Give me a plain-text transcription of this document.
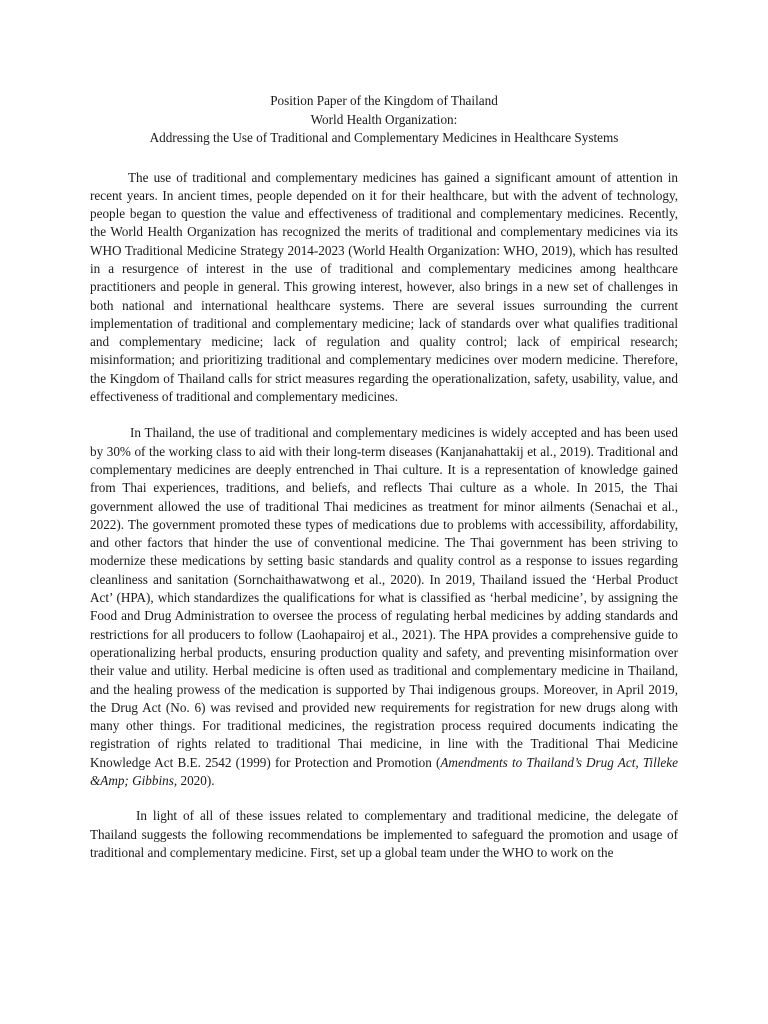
Position Paper of the Kingdom of Thailand
World Health Organization:
Addressing the Use of Traditional and Complementary Medicines in Healthcare Systems

The use of traditional and complementary medicines has gained a significant amount of attention in recent years. In ancient times, people depended on it for their healthcare, but with the advent of technology, people began to question the value and effectiveness of traditional and complementary medicines. Recently, the World Health Organization has recognized the merits of traditional and complementary medicines via its WHO Traditional Medicine Strategy 2014-2023 (World Health Organization: WHO, 2019), which has resulted in a resurgence of interest in the use of traditional and complementary medicines among healthcare practitioners and people in general. This growing interest, however, also brings in a new set of challenges in both national and international healthcare systems. There are several issues surrounding the current implementation of traditional and complementary medicine; lack of standards over what qualifies traditional and complementary medicine; lack of regulation and quality control; lack of empirical research; misinformation; and prioritizing traditional and complementary medicines over modern medicine. Therefore, the Kingdom of Thailand calls for strict measures regarding the operationalization, safety, usability, value, and effectiveness of traditional and complementary medicines.

In Thailand, the use of traditional and complementary medicines is widely accepted and has been used by 30% of the working class to aid with their long-term diseases (Kanjanahattakij et al., 2019). Traditional and complementary medicines are deeply entrenched in Thai culture. It is a representation of knowledge gained from Thai experiences, traditions, and beliefs, and reflects Thai culture as a whole. In 2015, the Thai government allowed the use of traditional Thai medicines as treatment for minor ailments (Senachai et al., 2022). The government promoted these types of medications due to problems with accessibility, affordability, and other factors that hinder the use of conventional medicine. The Thai government has been striving to modernize these medications by setting basic standards and quality control as a response to issues regarding cleanliness and sanitation (Sornchaithawatwong et al., 2020). In 2019, Thailand issued the ‘Herbal Product Act’ (HPA), which standardizes the qualifications for what is classified as ‘herbal medicine’, by assigning the Food and Drug Administration to oversee the process of regulating herbal medicines by adding standards and restrictions for all producers to follow (Laohapairoj et al., 2021). The HPA provides a comprehensive guide to operationalizing herbal products, ensuring production quality and safety, and preventing misinformation over their value and utility. Herbal medicine is often used as traditional and complementary medicine in Thailand, and the healing prowess of the medication is supported by Thai indigenous groups. Moreover, in April 2019, the Drug Act (No. 6) was revised and provided new requirements for registration for new drugs along with many other things. For traditional medicines, the registration process required documents indicating the registration of rights related to traditional Thai medicine, in line with the Traditional Thai Medicine Knowledge Act B.E. 2542 (1999) for Protection and Promotion (Amendments to Thailand’s Drug Act, Tilleke &Amp; Gibbins, 2020).

In light of all of these issues related to complementary and traditional medicine, the delegate of Thailand suggests the following recommendations be implemented to safeguard the promotion and usage of traditional and complementary medicine. First, set up a global team under the WHO to work on the
